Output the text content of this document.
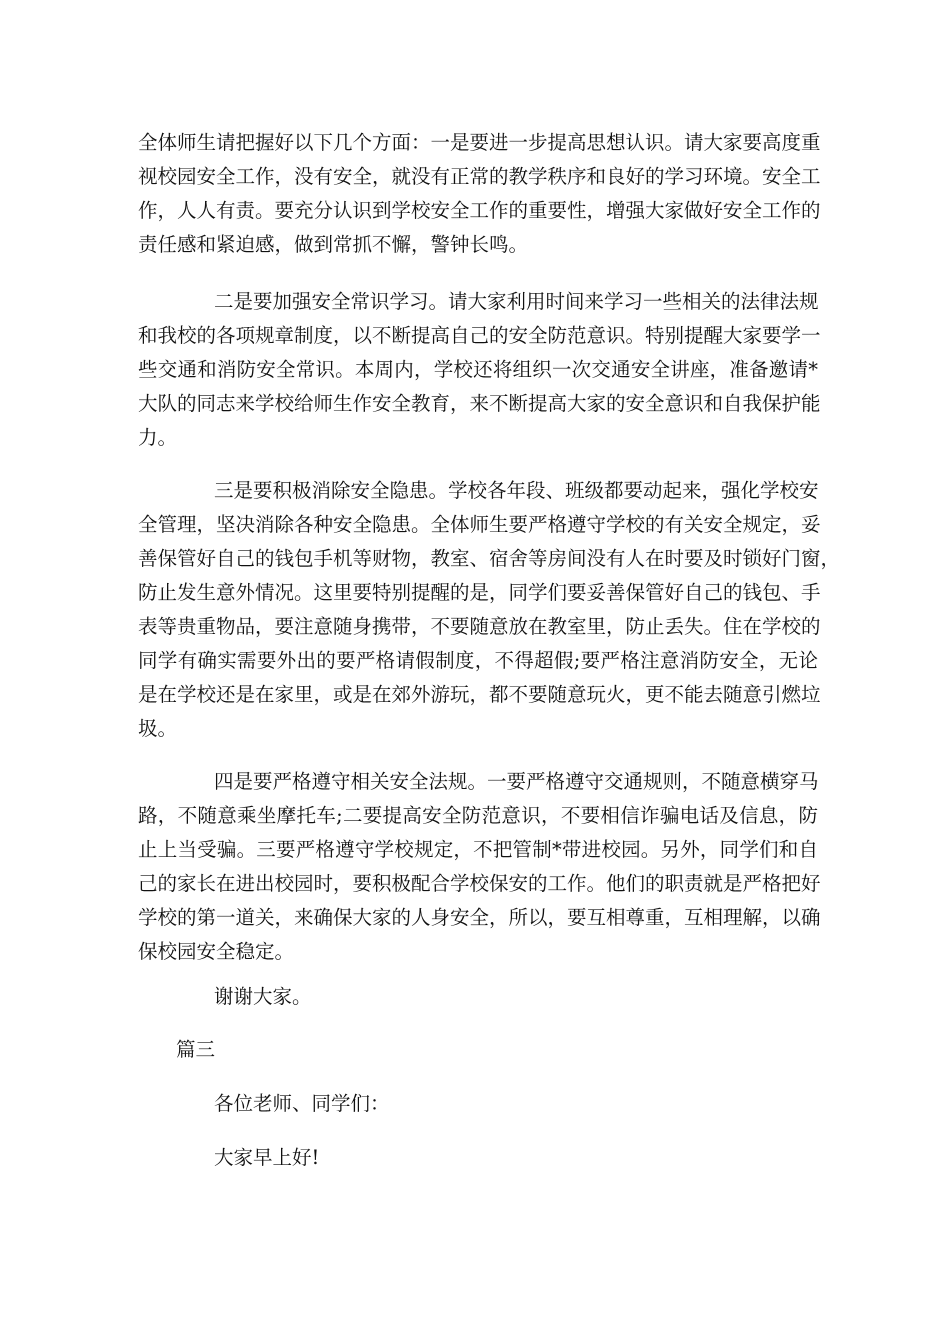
全体师生请把握好以下几个方面：一是要进一步提高思想认识。请大家要高度重
视校园安全工作，没有安全，就没有正常的教学秩序和良好的学习环境。安全工
作，人人有责。要充分认识到学校安全工作的重要性，增强大家做好安全工作的
责任感和紧迫感，做到常抓不懈，警钟长鸣。
二是要加强安全常识学习。请大家利用时间来学习一些相关的法律法规
和我校的各项规章制度，以不断提高自己的安全防范意识。特别提醒大家要学一
些交通和消防安全常识。本周内，学校还将组织一次交通安全讲座，准备邀请*
大队的同志来学校给师生作安全教育，来不断提高大家的安全意识和自我保护能
力。
三是要积极消除安全隐患。学校各年段、班级都要动起来，强化学校安
全管理，坚决消除各种安全隐患。全体师生要严格遵守学校的有关安全规定，妥
善保管好自己的钱包手机等财物，教室、宿舍等房间没有人在时要及时锁好门窗，
防止发生意外情况。这里要特别提醒的是，同学们要妥善保管好自己的钱包、手
表等贵重物品，要注意随身携带，不要随意放在教室里，防止丢失。住在学校的
同学有确实需要外出的要严格请假制度，不得超假;要严格注意消防安全，无论
是在学校还是在家里，或是在郊外游玩，都不要随意玩火，更不能去随意引燃垃
圾。
四是要严格遵守相关安全法规。一要严格遵守交通规则，不随意横穿马
路，不随意乘坐摩托车;二要提高安全防范意识，不要相信诈骗电话及信息，防
止上当受骗。三要严格遵守学校规定，不把管制*带进校园。另外，同学们和自
己的家长在进出校园时，要积极配合学校保安的工作。他们的职责就是严格把好
学校的第一道关，来确保大家的人身安全，所以，要互相尊重，互相理解，以确
保校园安全稳定。
谢谢大家。
篇三
各位老师、同学们：
大家早上好!
